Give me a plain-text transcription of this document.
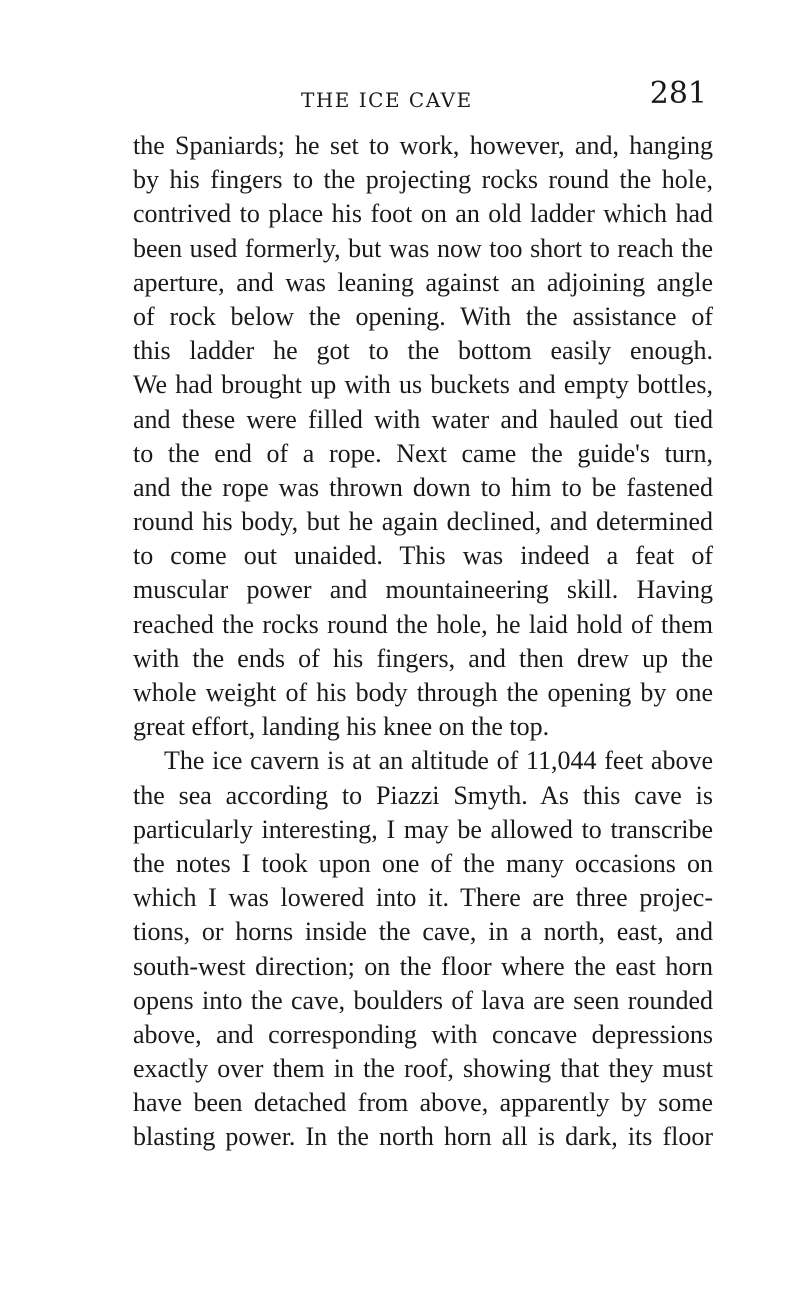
THE ICE CAVE	281
the Spaniards; he set to work, however, and, hanging
by his fingers to the projecting rocks round the hole,
contrived to place his foot on an old ladder which had
been used formerly, but was now too short to reach the
aperture, and was leaning against an adjoining angle
of rock below the opening. With the assistance of
this ladder he got to the bottom easily enough.
We had brought up with us buckets and empty bottles,
and these were filled with water and hauled out tied
to the end of a rope. Next came the guide's turn,
and the rope was thrown down to him to be fastened
round his body, but he again declined, and determined
to come out unaided. This was indeed a feat of
muscular power and mountaineering skill. Having
reached the rocks round the hole, he laid hold of them
with the ends of his fingers, and then drew up the
whole weight of his body through the opening by one
great effort, landing his knee on the top.
The ice cavern is at an altitude of 11,044 feet above
the sea according to Piazzi Smyth. As this cave is
particularly interesting, I may be allowed to transcribe
the notes I took upon one of the many occasions on
which I was lowered into it. There are three projec-
tions, or horns inside the cave, in a north, east, and
south-west direction; on the floor where the east horn
opens into the cave, boulders of lava are seen rounded
above, and corresponding with concave depressions
exactly over them in the roof, showing that they must
have been detached from above, apparently by some
blasting power. In the north horn all is dark, its floor
